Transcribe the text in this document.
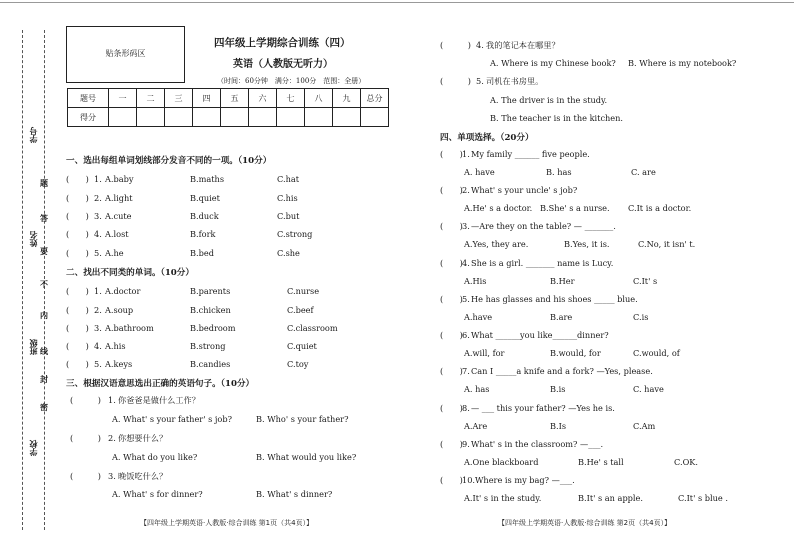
学号
姓名
班级
学校
题
答
要
不
内
线
封
密
贴条形码区
四年级上学期综合训练（四）
英语（人教版无听力）
（时间：60分钟　满分：100分　范围：全册）
题号	一	二	三	四	五	六	七	八	九	总分
得分										
一、选出每组单词划线部分发音不同的一项。（10分）
(　　) 1. A.baby	B.maths	C.hat
(　　) 2. A.light	B.quiet	C.his
(　　) 3. A.cute	B.duck	C.but
(　　) 4. A.lost	B.fork	C.strong
(　　) 5. A.he	B.bed	C.she
二、找出不同类的单词。（10分）
(　　) 1. A.doctor	B.parents	C.nurse
(　　) 2. A.soup	B.chicken	C.beef
(　　) 3. A.bathroom	B.bedroom	C.classroom
(　　) 4. A.his	B.strong	C.quiet
(　　) 5. A.keys	B.candies	C.toy
三、根据汉语意思选出正确的英语句子。（10分）
(　　　) 1. 你爸爸是做什么工作？
A. What' s your father' s job?	B. Who' s your father?
(　　　) 2. 你想要什么？
A. What do you like?	B. What would you like?
(　　　) 3. 晚饭吃什么？
A. What' s for dinner?	B. What' s dinner?
【四年级上学期英语·人教版·综合训练 第1页（共4页）】
(　　　) 4. 我的笔记本在哪里？
A. Where is my Chinese book? B. Where is my notebook?
(　　　) 5. 司机在书房里。
A. The driver is in the study.
B. The teacher is in the kitchen.
四、单项选择。（20分）
(　　) 1. My family ______ five people.
A. have	B. has	C. are
(　　) 2. What' s your uncle' s job?
A.He' s a doctor. B.She' s a nurse. C.It is a doctor.
(　　) 3. —Are they on the table? — _______.
A.Yes, they are.	B.Yes, it is.	C.No, it isn' t.
(　　) 4. She is a girl. _______ name is Lucy.
A.His	B.Her	C.It' s
(　　) 5. He has glasses and his shoes _____ blue.
A.have	B.are	C.is
(　　) 6. What ______you like______dinner?
A.will, for	B.would, for	C.would, of
(　　) 7. Can I _____a knife and a fork? —Yes, please.
A. has	B.is	C. have
(　　) 8. — ___ this your father? —Yes he is.
A.Are	B.Is	C.Am
(　　) 9. What' s in the classroom? —___.
A.One blackboard	B.He' s tall	C.OK.
(　　) 10. Where is my bag? —___.
A.It' s in the study.	B.It' s an apple.	C.It' s blue .
【四年级上学期英语·人教版·综合训练 第2页（共4页）】
